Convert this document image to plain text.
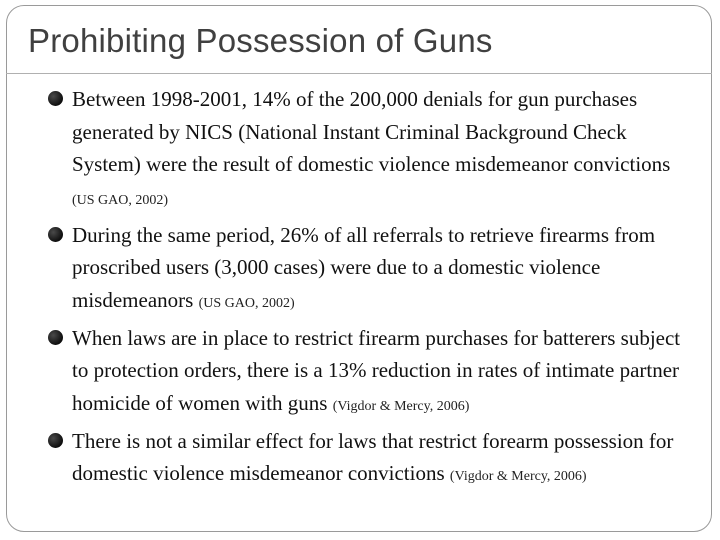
Prohibiting Possession of Guns
Between 1998-2001, 14% of the 200,000 denials for gun purchases generated by NICS (National Instant Criminal Background Check System) were the result of domestic violence misdemeanor convictions (US GAO, 2002)
During the same period, 26% of all referrals to retrieve firearms from proscribed users (3,000 cases) were due to a domestic violence misdemeanors (US GAO, 2002)
When laws are in place to restrict firearm purchases for batterers subject to protection orders, there is a 13% reduction in rates of intimate partner homicide of women with guns (Vigdor & Mercy, 2006)
There is not a similar effect for laws that restrict forearm possession for domestic violence misdemeanor convictions (Vigdor & Mercy, 2006)
